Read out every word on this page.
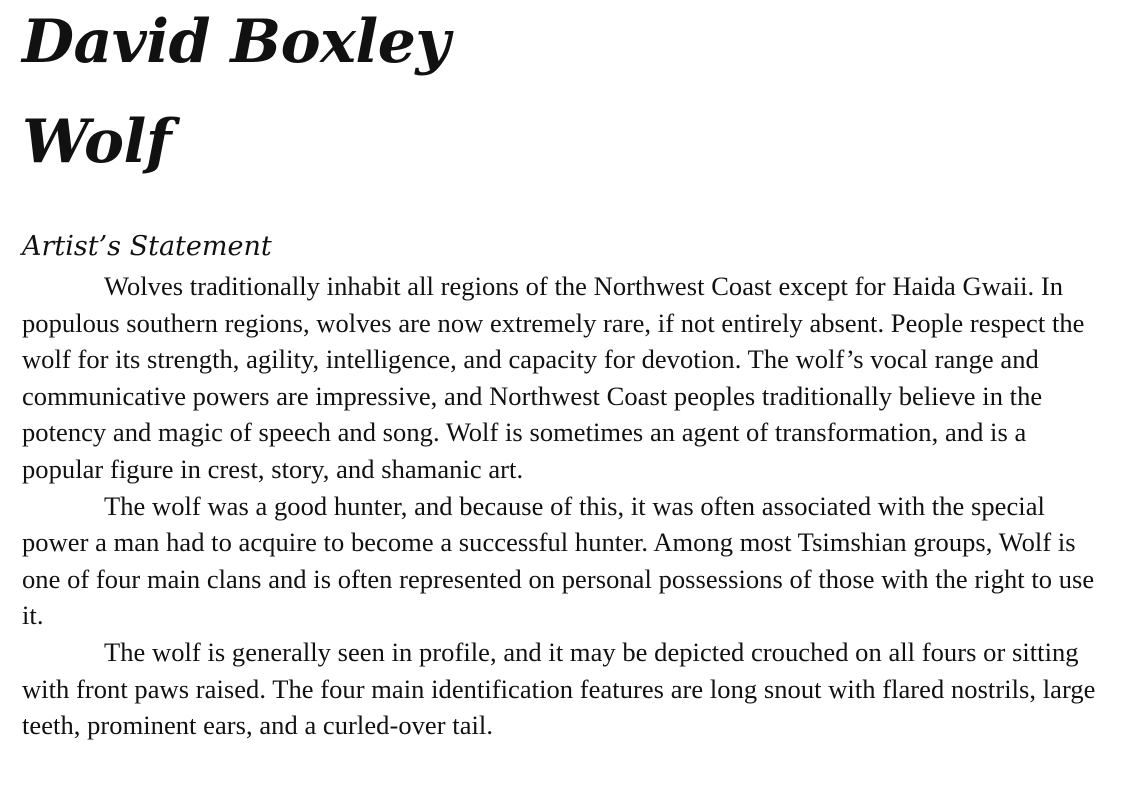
David Boxley
Wolf
Artist’s Statement

Wolves traditionally inhabit all regions of the Northwest Coast except for Haida Gwaii. In populous southern regions, wolves are now extremely rare, if not entirely absent. People respect the wolf for its strength, agility, intelligence, and capacity for devotion. The wolf’s vocal range and communicative powers are impressive, and Northwest Coast peoples traditionally believe in the potency and magic of speech and song. Wolf is sometimes an agent of transformation, and is a popular figure in crest, story, and shamanic art.

The wolf was a good hunter, and because of this, it was often associated with the special power a man had to acquire to become a successful hunter. Among most Tsimshian groups, Wolf is one of four main clans and is often represented on personal possessions of those with the right to use it.

The wolf is generally seen in profile, and it may be depicted crouched on all fours or sitting with front paws raised. The four main identification features are long snout with flared nostrils, large teeth, prominent ears, and a curled-over tail.
